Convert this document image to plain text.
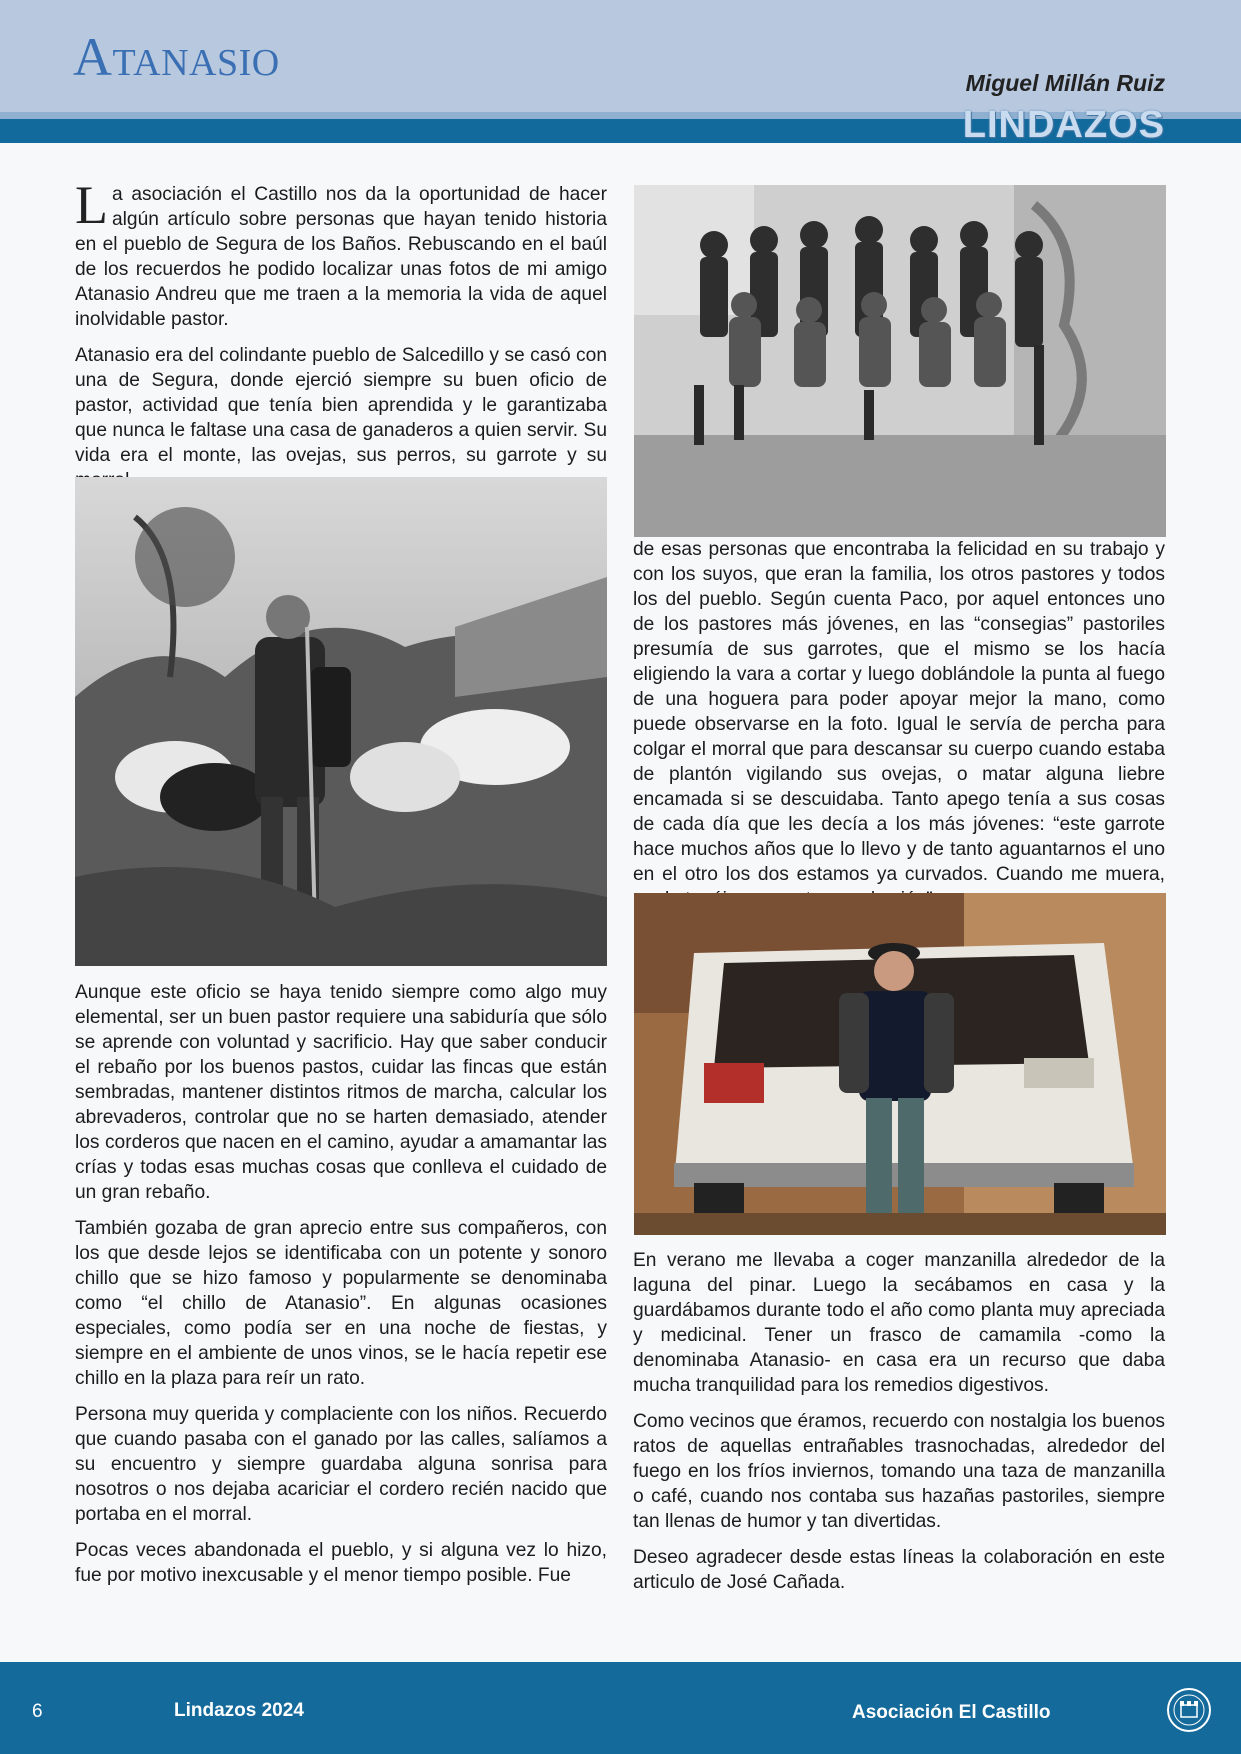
Atanasio	Miguel Millán Ruiz
LINDAZOS

La asociación el Castillo nos da la oportunidad de hacer algún artículo sobre personas que hayan tenido historia en el pueblo de Segura de los Baños. Rebuscando en el baúl de los recuerdos he podido localizar unas fotos de mi amigo Atanasio Andreu que me traen a la memoria la vida de aquel inolvidable pastor.

Atanasio era del colindante pueblo de Salcedillo y se casó con una de Segura, donde ejerció siempre su buen oficio de pastor, actividad que tenía bien aprendida y le garantizaba que nunca le faltase una casa de ganaderos a quien servir. Su vida era el monte, las ovejas, sus perros, su garrote y su

Aunque este oficio se haya tenido siempre como algo muy elemental, ser un buen pastor requiere una sabiduría que sólo se aprende con voluntad y sacrificio. Hay que saber conducir el rebaño por los buenos pastos, cuidar las fincas que están sembradas, mantener distintos ritmos de marcha, calcular los abrevaderos, controlar que no se harten demasiado, atender los corderos que nacen en el camino, ayudar a amamantar las crías y todas esas muchas cosas que conlleva el cuidado de un gran rebaño.

También gozaba de gran aprecio entre sus compañeros, con los que desde lejos se identificaba con un potente y sonoro chillo que se hizo famoso y popularmente se denominaba como “el chillo de Atanasio”. En algunas ocasiones especiales, como podía ser en una noche de fiestas, y siempre en el ambiente de unos vinos, se le hacía repetir ese chillo en la plaza para reír un rato.

Persona muy querida y complaciente con los niños. Recuerdo que cuando pasaba con el ganado por las calles, salíamos a su encuentro y siempre guardaba alguna sonrisa para nosotros o nos dejaba acariciar el cordero recién nacido que portaba en el morral.

Pocas veces abandonada el pueblo, y si alguna vez lo hizo, fue por motivo inexcusable y el menor tiempo posible. Fue

de esas personas que encontraba la felicidad en su trabajo y con los suyos, que eran la familia, los otros pastores y todos los del pueblo. Según cuenta Paco, por aquel entonces uno de los pastores más jóvenes, en las “consegias” pastoriles presumía de sus garrotes, que el mismo se los hacía eligiendo la vara a cortar y luego doblándole la punta al fuego de una hoguera para poder apoyar mejor la mano, como puede observarse en la foto. Igual le servía de percha para colgar el morral que para descansar su cuerpo cuando estaba de plantón vigilando sus ovejas, o matar alguna liebre encamada si se descuidaba. Tanto apego tenía a sus cosas de cada día que les decía a los más jóvenes: “este garrote hace muchos años que lo llevo y de tanto aguantarnos el uno en el otro los dos estamos ya curvados. Cuando me muera,

En verano me llevaba a coger manzanilla alrededor de la laguna del pinar. Luego la secábamos en casa y la guardábamos durante todo el año como planta muy apreciada y medicinal. Tener un frasco de camamila -como la denominaba Atanasio- en casa era un recurso que daba mucha tranquilidad para los remedios digestivos.

Como vecinos que éramos, recuerdo con nostalgia los buenos ratos de aquellas entrañables trasnochadas, alrededor del fuego en los fríos inviernos, tomando una taza de manzanilla o café, cuando nos contaba sus hazañas pastoriles, siempre tan llenas de humor y tan divertidas.

Deseo agradecer desde estas líneas la colaboración en este articulo de José Cañada.

6	Lindazos 2024	Asociación El Castillo
